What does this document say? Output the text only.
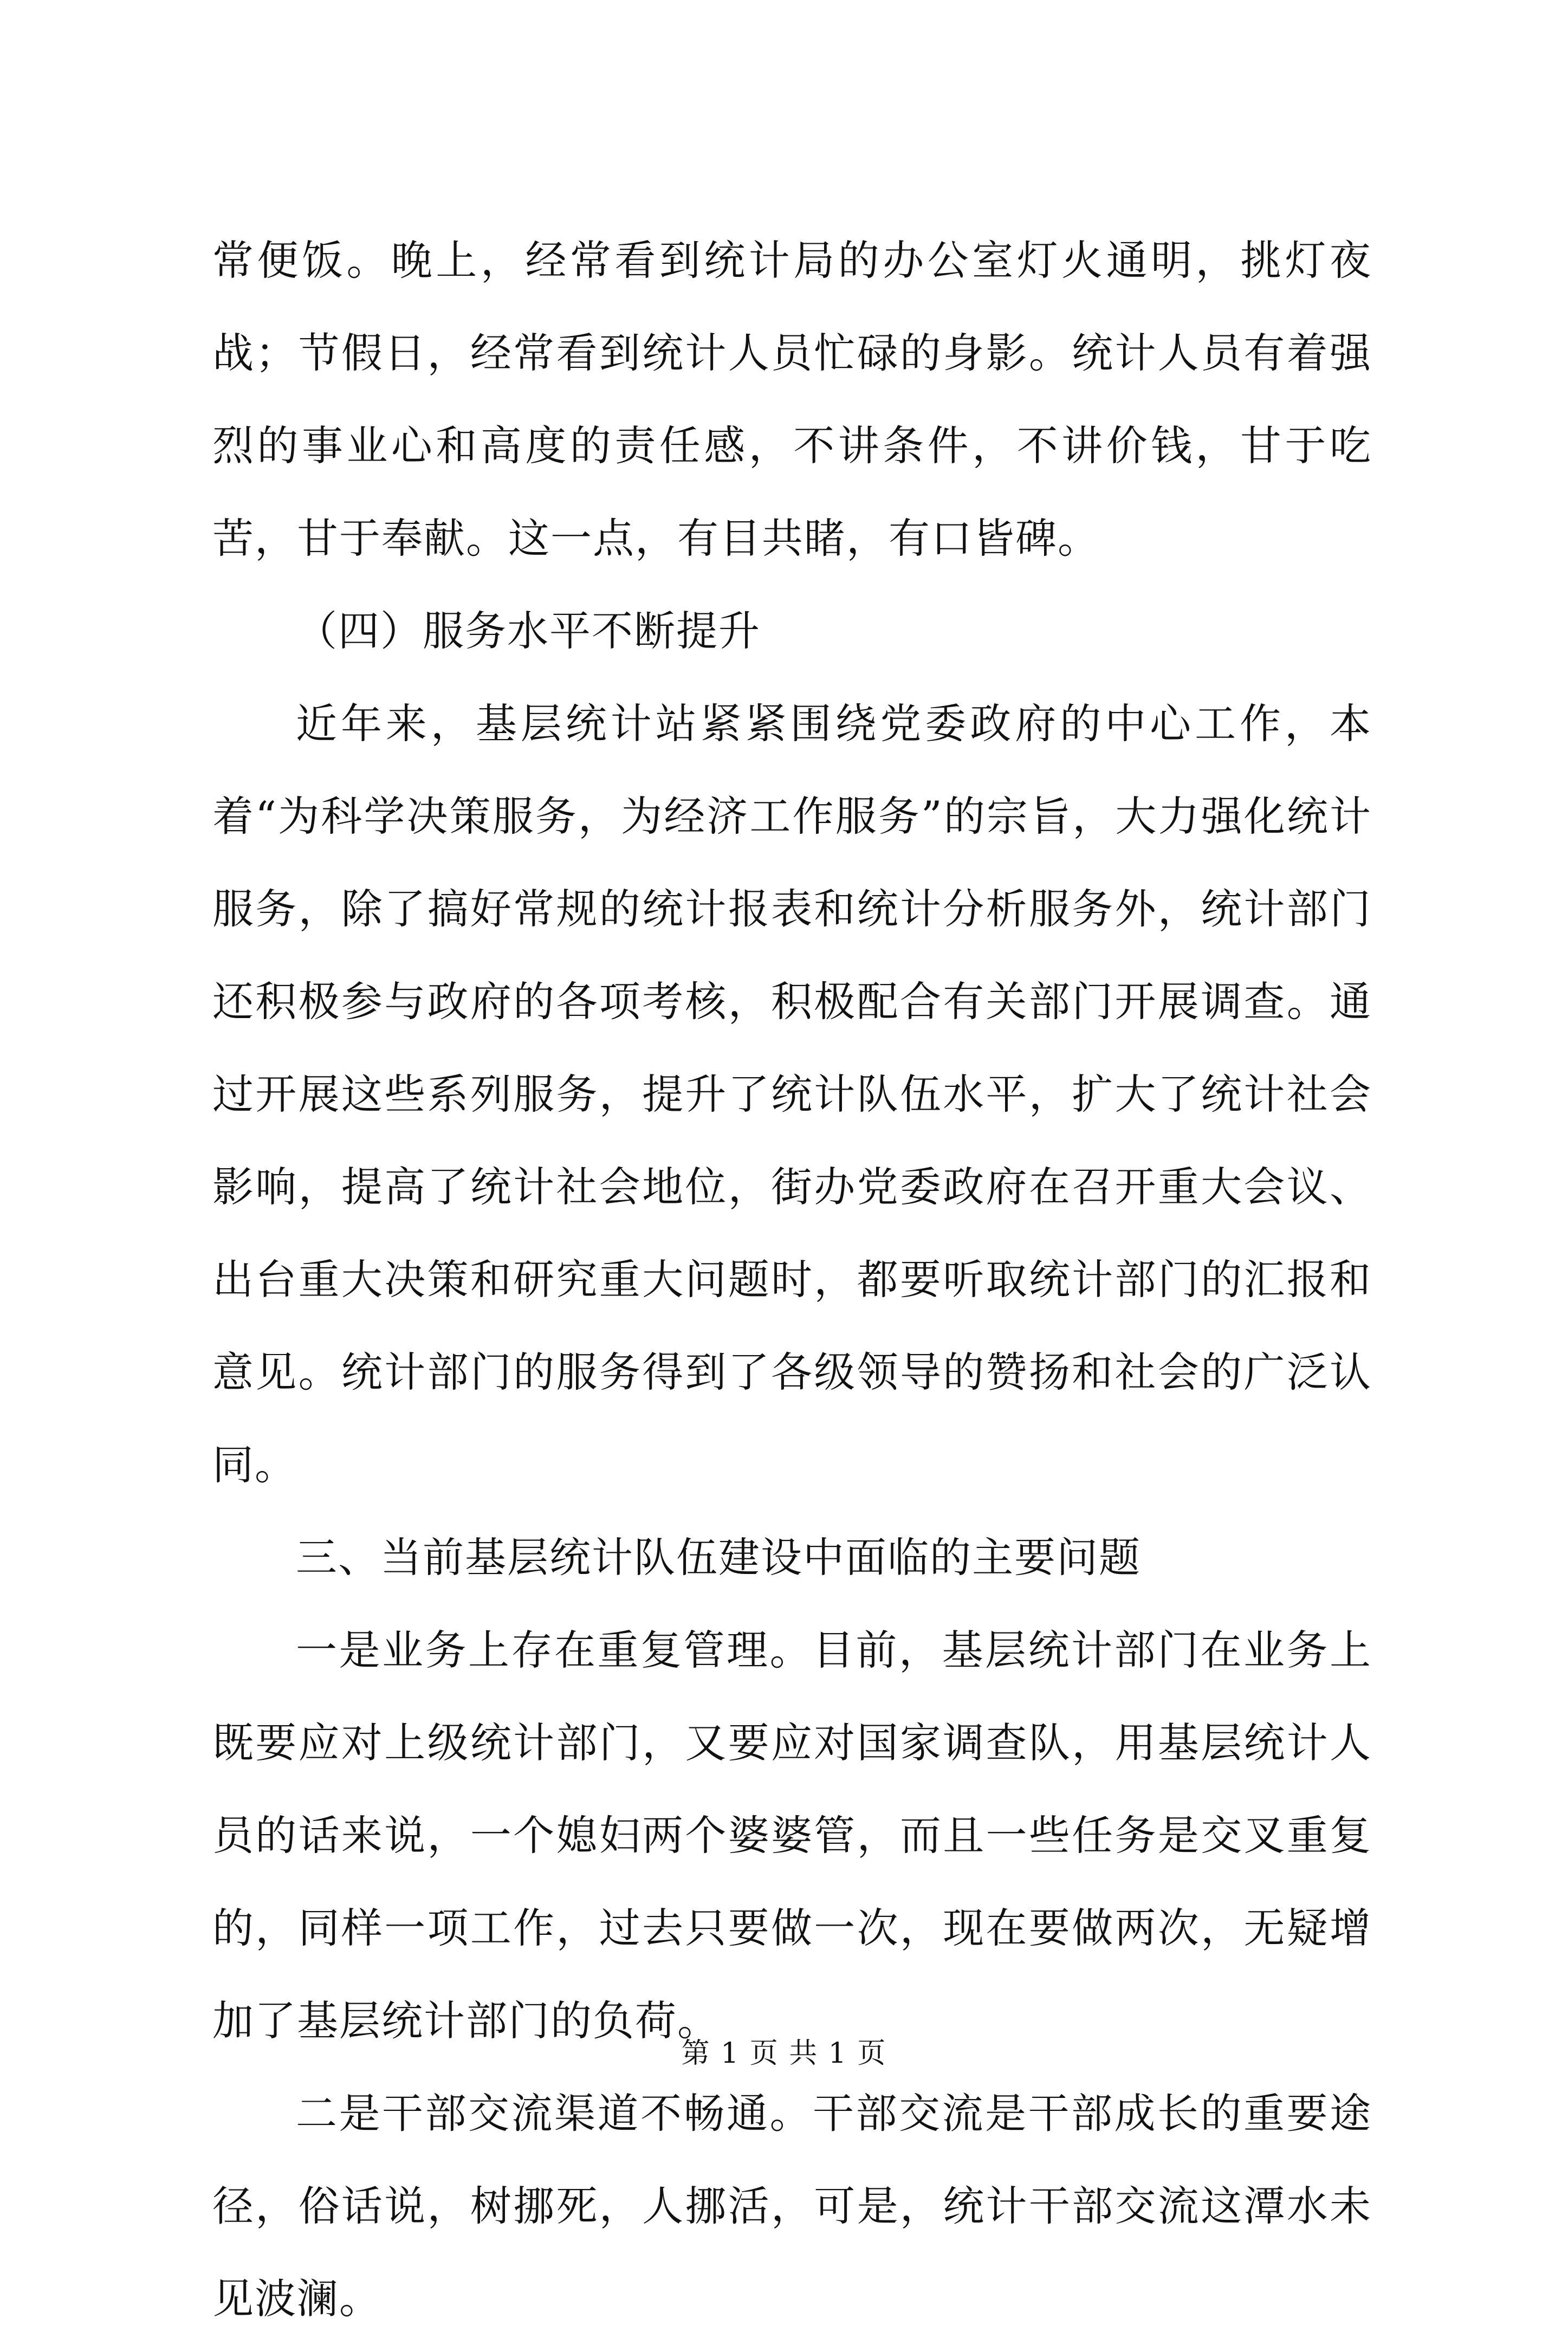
常便饭。晚上，经常看到统计局的办公室灯火通明，挑灯夜战；节假日，经常看到统计人员忙碌的身影。统计人员有着强烈的事业心和高度的责任感，不讲条件，不讲价钱，甘于吃苦，甘于奉献。这一点，有目共睹，有口皆碑。

（四）服务水平不断提升

近年来，基层统计站紧紧围绕党委政府的中心工作，本着“为科学决策服务，为经济工作服务”的宗旨，大力强化统计服务，除了搞好常规的统计报表和统计分析服务外，统计部门还积极参与政府的各项考核，积极配合有关部门开展调查。通过开展这些系列服务，提升了统计队伍水平，扩大了统计社会影响，提高了统计社会地位，街办党委政府在召开重大会议、出台重大决策和研究重大问题时，都要听取统计部门的汇报和意见。统计部门的服务得到了各级领导的赞扬和社会的广泛认同。

三、当前基层统计队伍建设中面临的主要问题

一是业务上存在重复管理。目前，基层统计部门在业务上既要应对上级统计部门，又要应对国家调查队，用基层统计人员的话来说，一个媳妇两个婆婆管，而且一些任务是交叉重复的，同样一项工作，过去只要做一次，现在要做两次，无疑增加了基层统计部门的负荷。

二是干部交流渠道不畅通。干部交流是干部成长的重要途径，俗话说，树挪死，人挪活，可是，统计干部交流这潭水未见波澜。

第 1 页 共 1 页
